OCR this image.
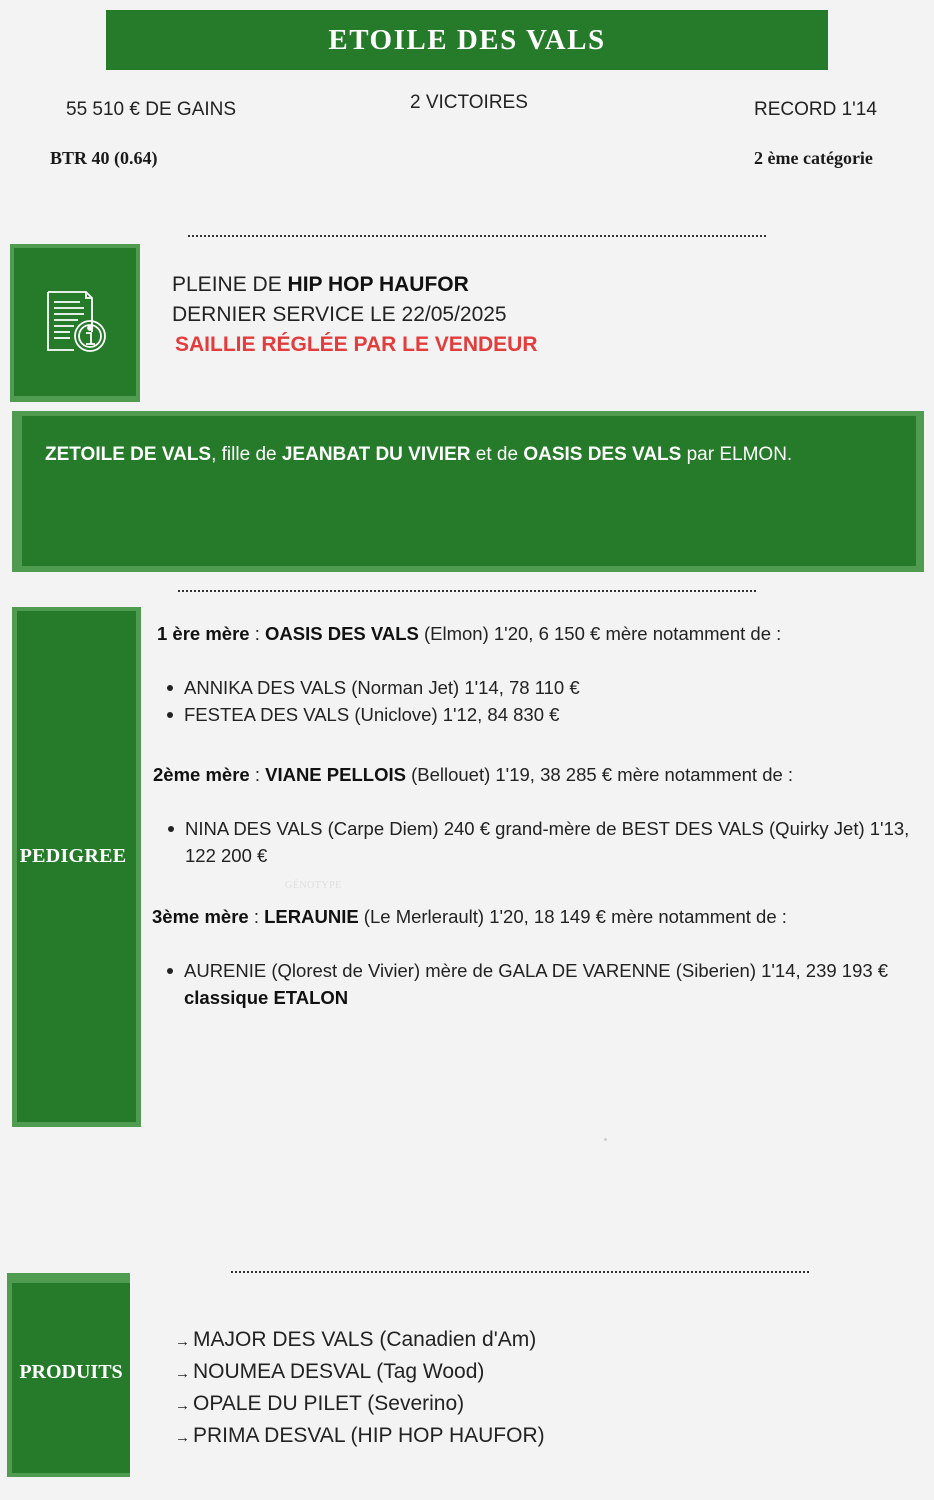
ETOILE DES VALS
55 510 € DE GAINS	2 VICTOIRES	RECORD 1'14
BTR 40 (0.64)	2 ème catégorie
PLEINE DE HIP HOP HAUFOR
DERNIER SERVICE LE 22/05/2025
SAILLIE RÉGLÉE PAR LE VENDEUR
ZETOILE DE VALS, fille de JEANBAT DU VIVIER et de OASIS DES VALS par ELMON.
PEDIGREE
GÉNOTYPE
1 ère mère : OASIS DES VALS (Elmon) 1'20, 6 150 € mère notamment de :
ANNIKA DES VALS (Norman Jet) 1'14, 78 110 €
FESTEA DES VALS (Uniclove) 1'12, 84 830 €
2ème mère : VIANE PELLOIS (Bellouet) 1'19, 38 285 € mère notamment de :
NINA DES VALS (Carpe Diem) 240 € grand-mère de BEST DES VALS (Quirky Jet) 1'13, 122 200 €
3ème mère : LERAUNIE (Le Merlerault) 1'20, 18 149 € mère notamment de :
AURENIE (Qlorest de Vivier) mère de GALA DE VARENNE (Siberien) 1'14, 239 193 €
classique ETALON
PRODUITS
→ MAJOR DES VALS (Canadien d'Am)
→ NOUMEA DESVAL (Tag Wood)
→ OPALE DU PILET (Severino)
→ PRIMA DESVAL (HIP HOP HAUFOR)
